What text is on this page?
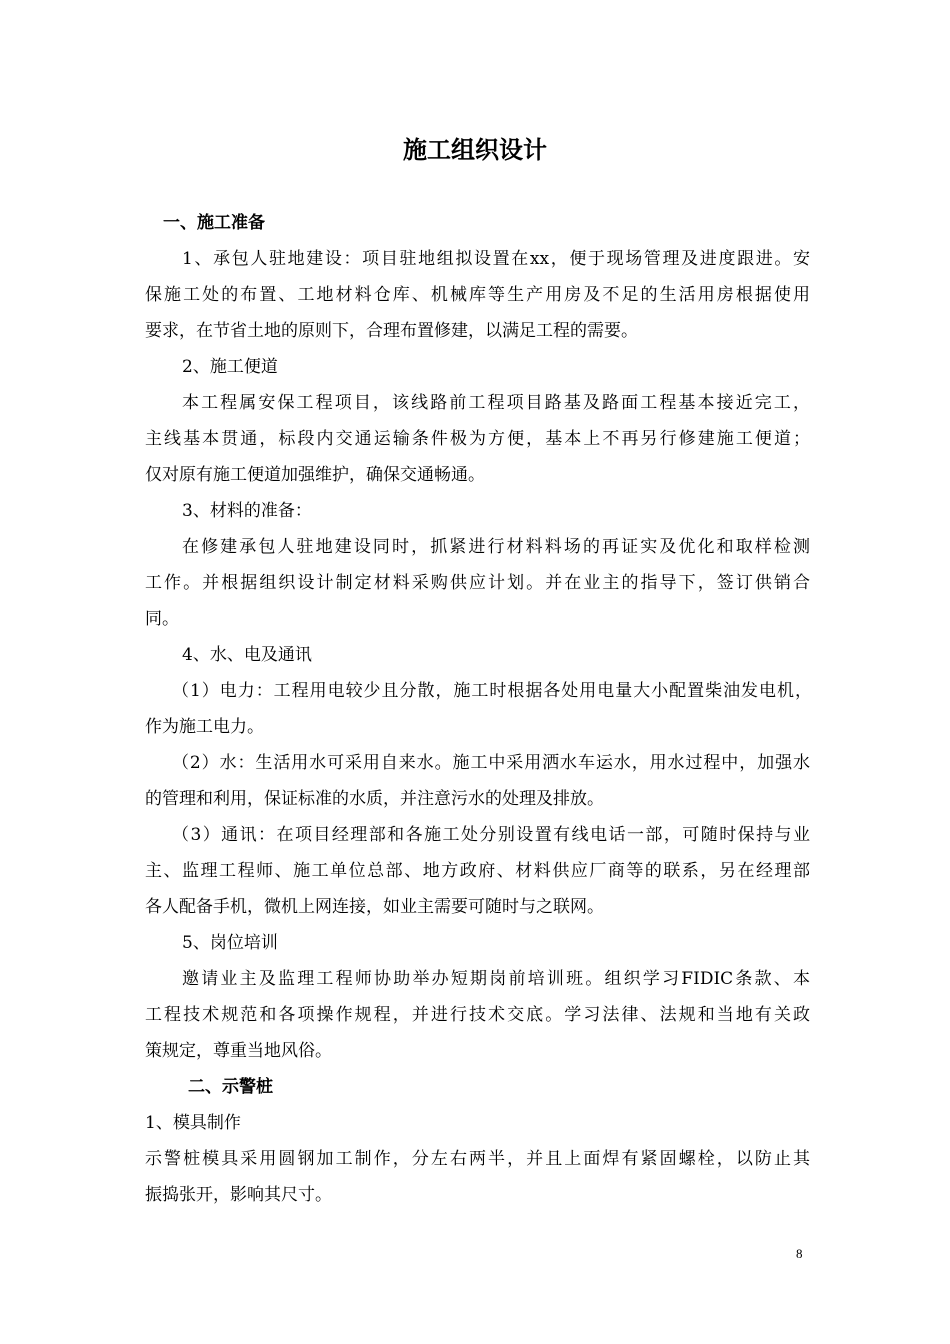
施工组织设计
一、施工准备
1、承包人驻地建设：项目驻地组拟设置在xx，便于现场管理及进度跟进。安
保施工处的布置、工地材料仓库、机械库等生产用房及不足的生活用房根据使用
要求，在节省土地的原则下，合理布置修建，以满足工程的需要。
2、施工便道
本工程属安保工程项目，该线路前工程项目路基及路面工程基本接近完工，
主线基本贯通，标段内交通运输条件极为方便，基本上不再另行修建施工便道；
仅对原有施工便道加强维护，确保交通畅通。
3、材料的准备：
在修建承包人驻地建设同时，抓紧进行材料料场的再证实及优化和取样检测
工作。并根据组织设计制定材料采购供应计划。并在业主的指导下，签订供销合
同。
4、水、电及通讯
（1）电力：工程用电较少且分散，施工时根据各处用电量大小配置柴油发电机，
作为施工电力。
（2）水：生活用水可采用自来水。施工中采用洒水车运水，用水过程中，加强水
的管理和利用，保证标准的水质，并注意污水的处理及排放。
（3）通讯：在项目经理部和各施工处分别设置有线电话一部，可随时保持与业
主、监理工程师、施工单位总部、地方政府、材料供应厂商等的联系，另在经理部
各人配备手机，微机上网连接，如业主需要可随时与之联网。
5、岗位培训
邀请业主及监理工程师协助举办短期岗前培训班。组织学习FIDIC条款、本
工程技术规范和各项操作规程，并进行技术交底。学习法律、法规和当地有关政
策规定，尊重当地风俗。
二、示警桩
1、模具制作
示警桩模具采用圆钢加工制作，分左右两半，并且上面焊有紧固螺栓，以防止其
振捣张开，影响其尺寸。
8
